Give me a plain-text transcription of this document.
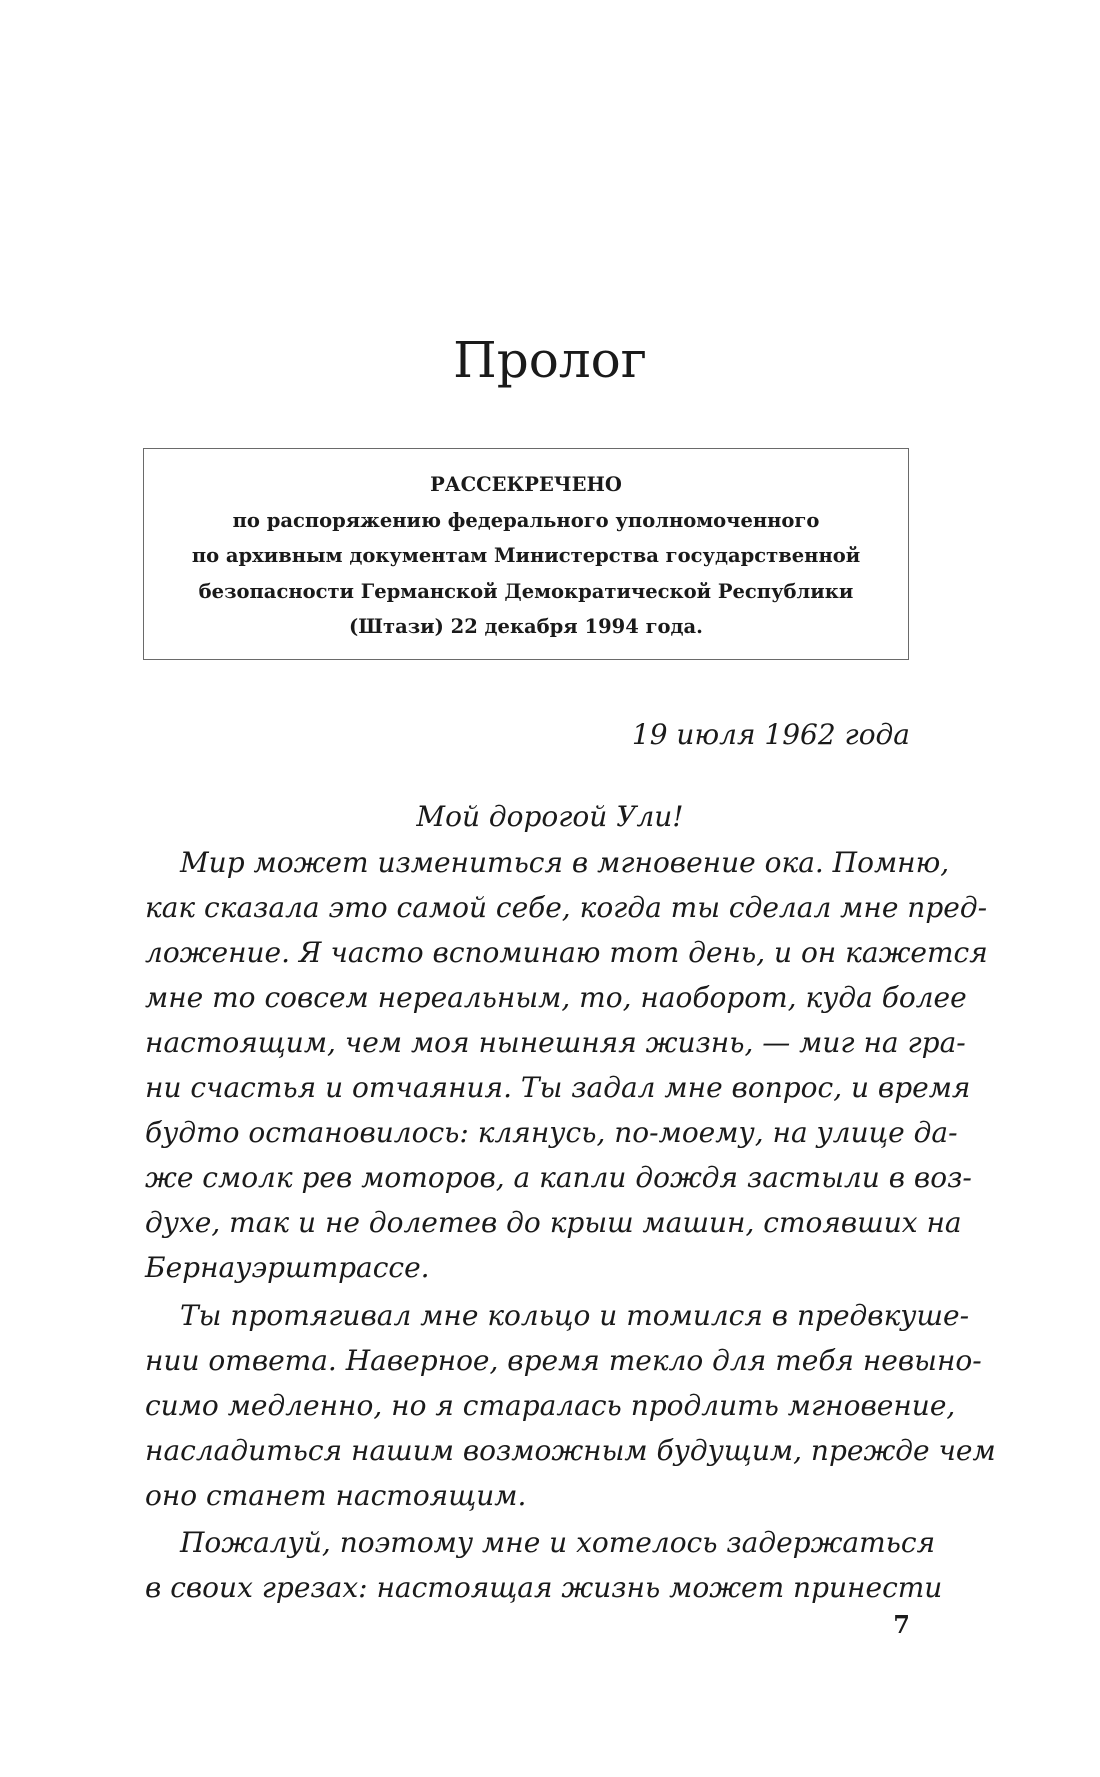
Пролог
РАССЕКРЕЧЕНО
по распоряжению федерального уполномоченного
по архивным документам Министерства государственной
безопасности Германской Демократической Республики
(Штази) 22 декабря 1994 года.
19 июля 1962 года
Мой дорогой Ули!
Мир может измениться в мгновение ока. Помню,
как сказала это самой себе, когда ты сделал мне пред-
ложение. Я часто вспоминаю тот день, и он кажется
мне то совсем нереальным, то, наоборот, куда более
настоящим, чем моя нынешняя жизнь, — миг на гра-
ни счастья и отчаяния. Ты задал мне вопрос, и время
будто остановилось: клянусь, по-моему, на улице да-
же смолк рев моторов, а капли дождя застыли в воз-
духе, так и не долетев до крыш машин, стоявших на
Бернауэрштрассе.
Ты протягивал мне кольцо и томился в предвкуше-
нии ответа. Наверное, время текло для тебя невыно-
симо медленно, но я старалась продлить мгновение,
насладиться нашим возможным будущим, прежде чем
оно станет настоящим.
Пожалуй, поэтому мне и хотелось задержаться
в своих грезах: настоящая жизнь может принести
7
